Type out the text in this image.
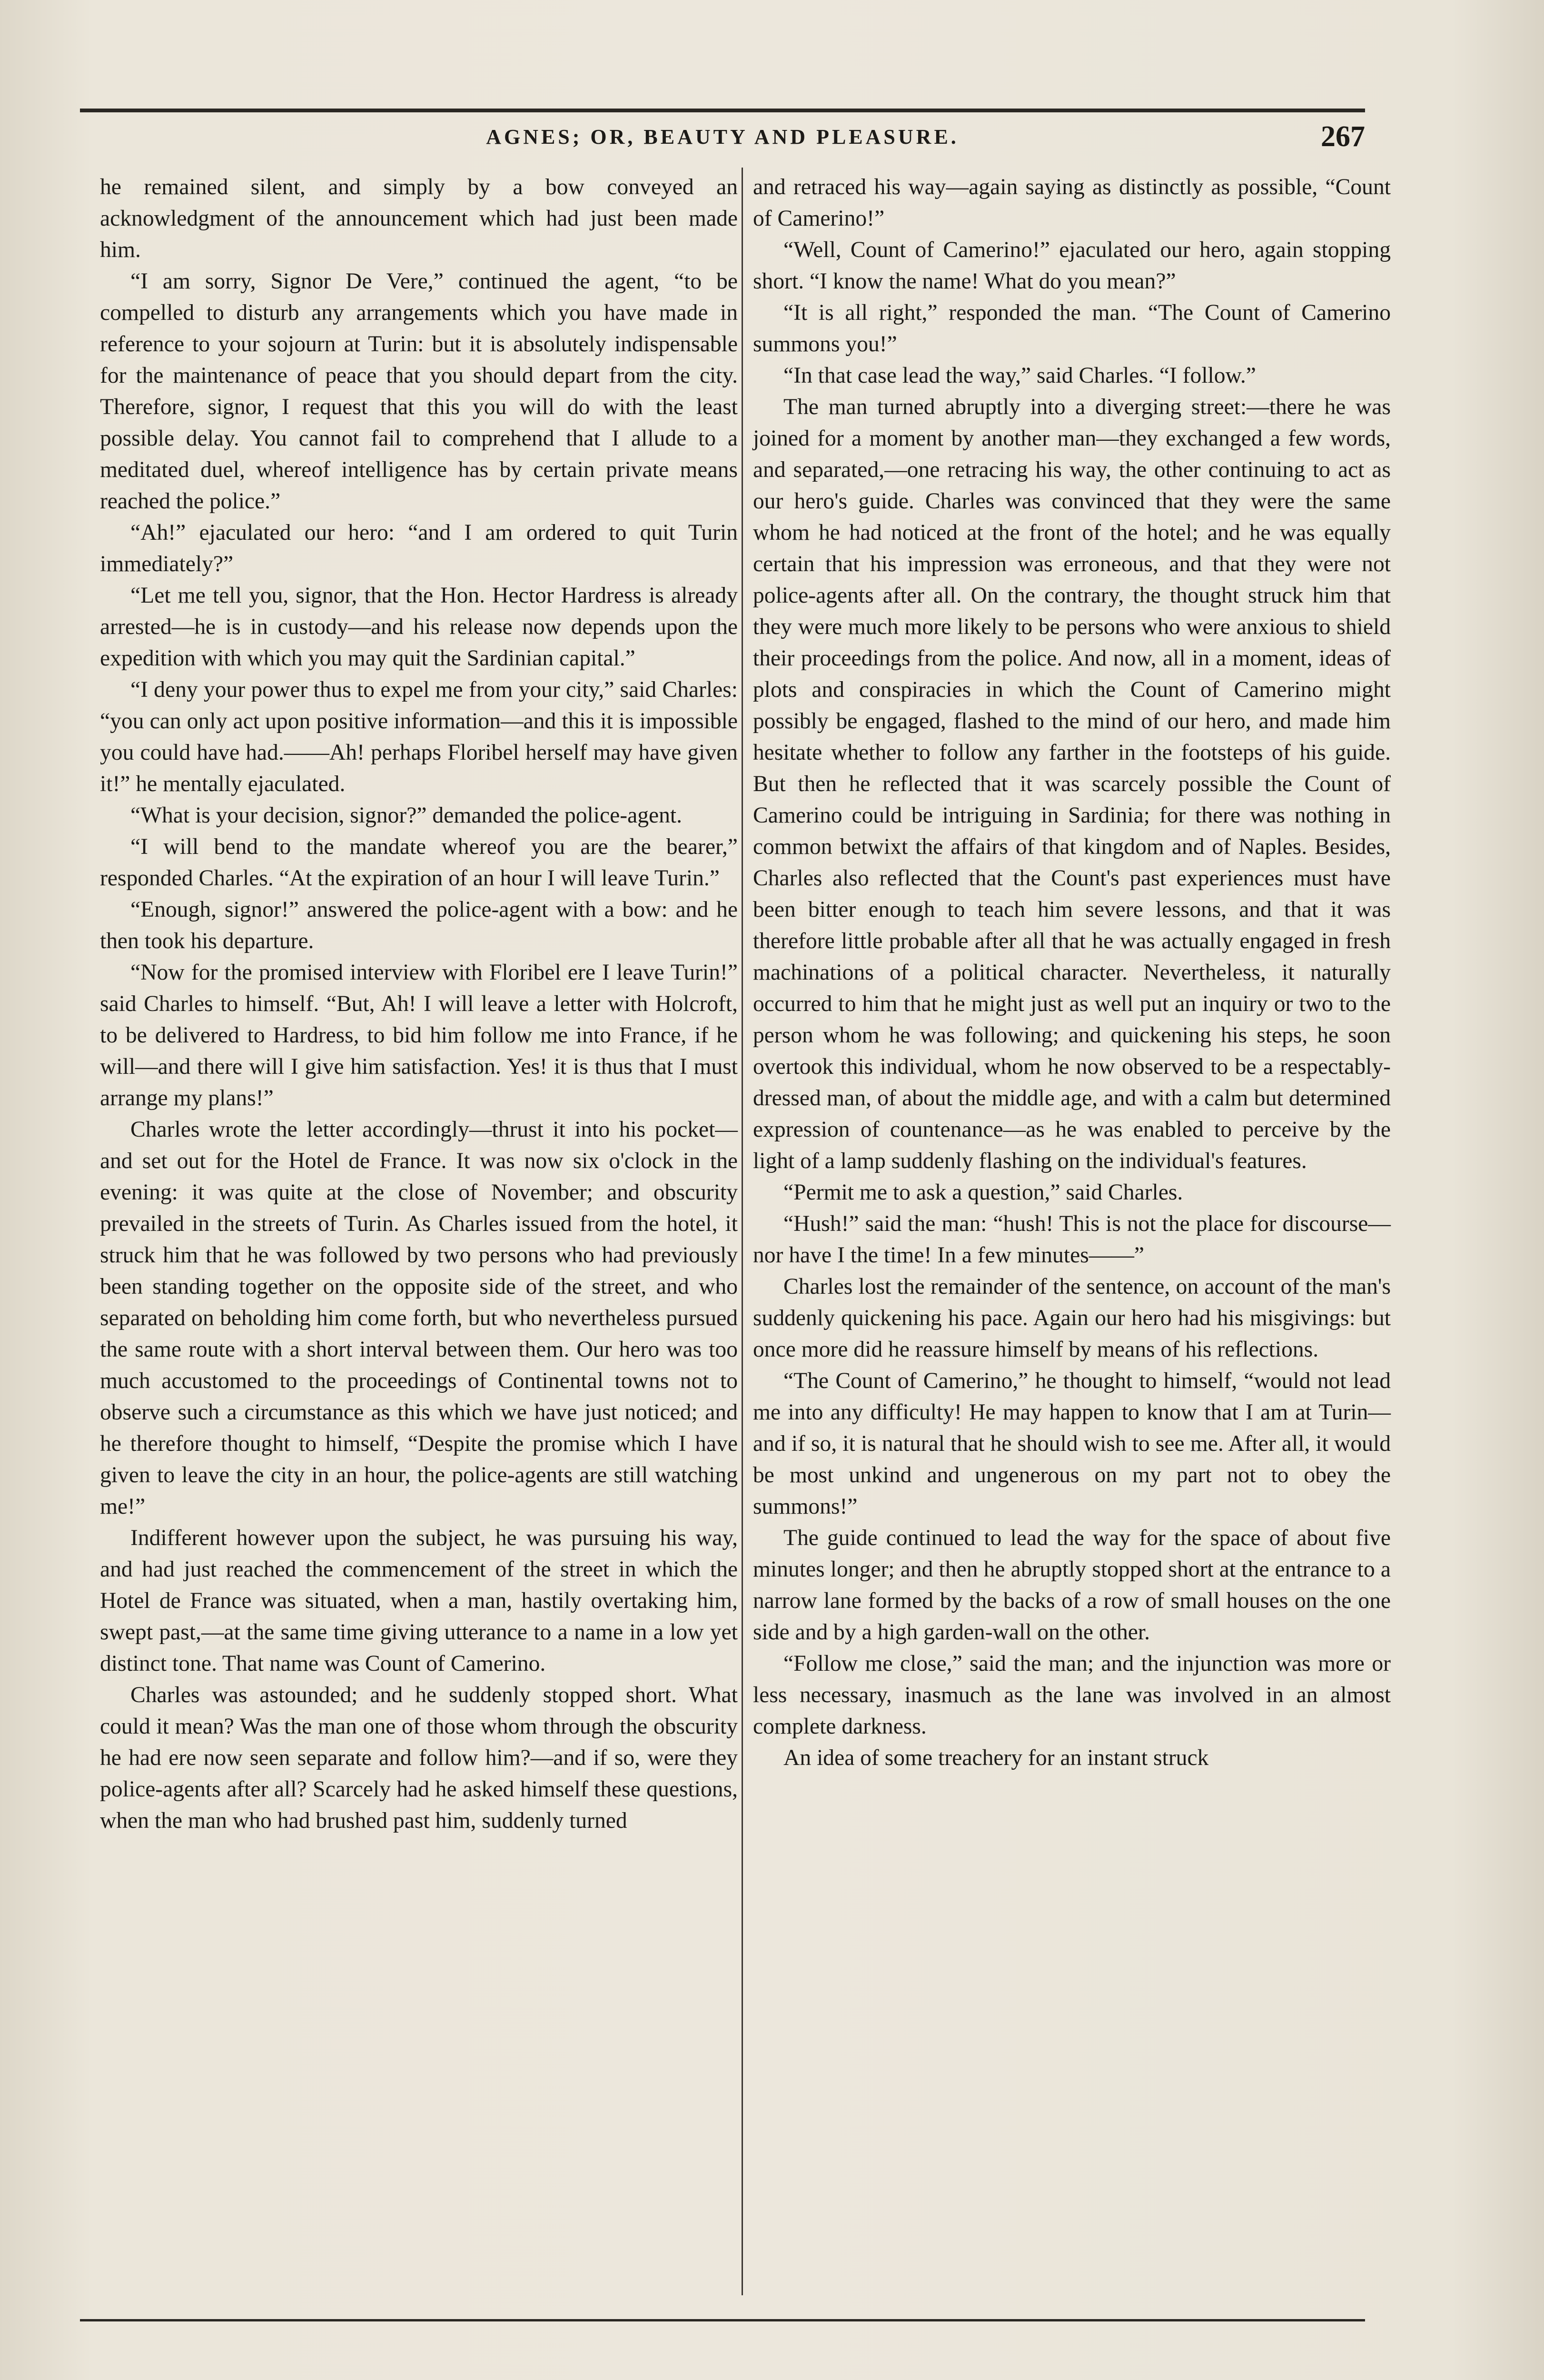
AGNES; OR, BEAUTY AND PLEASURE.	267

he remained silent, and simply by a bow conveyed an acknowledgment of the announcement which had just been made him.

“I am sorry, Signor De Vere,” continued the agent, “to be compelled to disturb any arrangements which you have made in reference to your sojourn at Turin: but it is absolutely indispensable for the maintenance of peace that you should depart from the city. Therefore, signor, I request that this you will do with the least possible delay. You cannot fail to comprehend that I allude to a meditated duel, whereof intelligence has by certain private means reached the police.”

“Ah!” ejaculated our hero: “and I am ordered to quit Turin immediately?”

“Let me tell you, signor, that the Hon. Hector Hardress is already arrested—he is in custody—and his release now depends upon the expedition with which you may quit the Sardinian capital.”

“I deny your power thus to expel me from your city,” said Charles: “you can only act upon positive information—and this it is impossible you could have had.——Ah! perhaps Floribel herself may have given it!” he mentally ejaculated.

“What is your decision, signor?” demanded the police-agent.

“I will bend to the mandate whereof you are the bearer,” responded Charles. “At the expiration of an hour I will leave Turin.”

“Enough, signor!” answered the police-agent with a bow: and he then took his departure.

“Now for the promised interview with Floribel ere I leave Turin!” said Charles to himself. “But, Ah! I will leave a letter with Holcroft, to be delivered to Hardress, to bid him follow me into France, if he will—and there will I give him satisfaction. Yes! it is thus that I must arrange my plans!”

Charles wrote the letter accordingly—thrust it into his pocket—and set out for the Hotel de France. It was now six o'clock in the evening: it was quite at the close of November; and obscurity prevailed in the streets of Turin. As Charles issued from the hotel, it struck him that he was followed by two persons who had previously been standing together on the opposite side of the street, and who separated on beholding him come forth, but who nevertheless pursued the same route with a short interval between them. Our hero was too much accustomed to the proceedings of Continental towns not to observe such a circumstance as this which we have just noticed; and he therefore thought to himself, “Despite the promise which I have given to leave the city in an hour, the police-agents are still watching me!”

Indifferent however upon the subject, he was pursuing his way, and had just reached the commencement of the street in which the Hotel de France was situated, when a man, hastily overtaking him, swept past,—at the same time giving utterance to a name in a low yet distinct tone. That name was Count of Camerino.

Charles was astounded; and he suddenly stopped short. What could it mean? Was the man one of those whom through the obscurity he had ere now seen separate and follow him?—and if so, were they police-agents after all? Scarcely had he asked himself these questions, when the man who had brushed past him, suddenly turned

and retraced his way—again saying as distinctly as possible, “Count of Camerino!”

“Well, Count of Camerino!” ejaculated our hero, again stopping short. “I know the name! What do you mean?”

“It is all right,” responded the man. “The Count of Camerino summons you!”

“In that case lead the way,” said Charles. “I follow.”

The man turned abruptly into a diverging street:—there he was joined for a moment by another man—they exchanged a few words, and separated,—one retracing his way, the other continuing to act as our hero's guide. Charles was convinced that they were the same whom he had noticed at the front of the hotel; and he was equally certain that his impression was erroneous, and that they were not police-agents after all. On the contrary, the thought struck him that they were much more likely to be persons who were anxious to shield their proceedings from the police. And now, all in a moment, ideas of plots and conspiracies in which the Count of Camerino might possibly be engaged, flashed to the mind of our hero, and made him hesitate whether to follow any farther in the footsteps of his guide. But then he reflected that it was scarcely possible the Count of Camerino could be intriguing in Sardinia; for there was nothing in common betwixt the affairs of that kingdom and of Naples. Besides, Charles also reflected that the Count's past experiences must have been bitter enough to teach him severe lessons, and that it was therefore little probable after all that he was actually engaged in fresh machinations of a political character. Nevertheless, it naturally occurred to him that he might just as well put an inquiry or two to the person whom he was following; and quickening his steps, he soon overtook this individual, whom he now observed to be a respectably-dressed man, of about the middle age, and with a calm but determined expression of countenance—as he was enabled to perceive by the light of a lamp suddenly flashing on the individual's features.

“Permit me to ask a question,” said Charles.

“Hush!” said the man: “hush! This is not the place for discourse—nor have I the time! In a few minutes——”

Charles lost the remainder of the sentence, on account of the man's suddenly quickening his pace. Again our hero had his misgivings: but once more did he reassure himself by means of his reflections.

“The Count of Camerino,” he thought to himself, “would not lead me into any difficulty! He may happen to know that I am at Turin—and if so, it is natural that he should wish to see me. After all, it would be most unkind and ungenerous on my part not to obey the summons!”

The guide continued to lead the way for the space of about five minutes longer; and then he abruptly stopped short at the entrance to a narrow lane formed by the backs of a row of small houses on the one side and by a high garden-wall on the other.

“Follow me close,” said the man; and the injunction was more or less necessary, inasmuch as the lane was involved in an almost complete darkness.

An idea of some treachery for an instant struck
